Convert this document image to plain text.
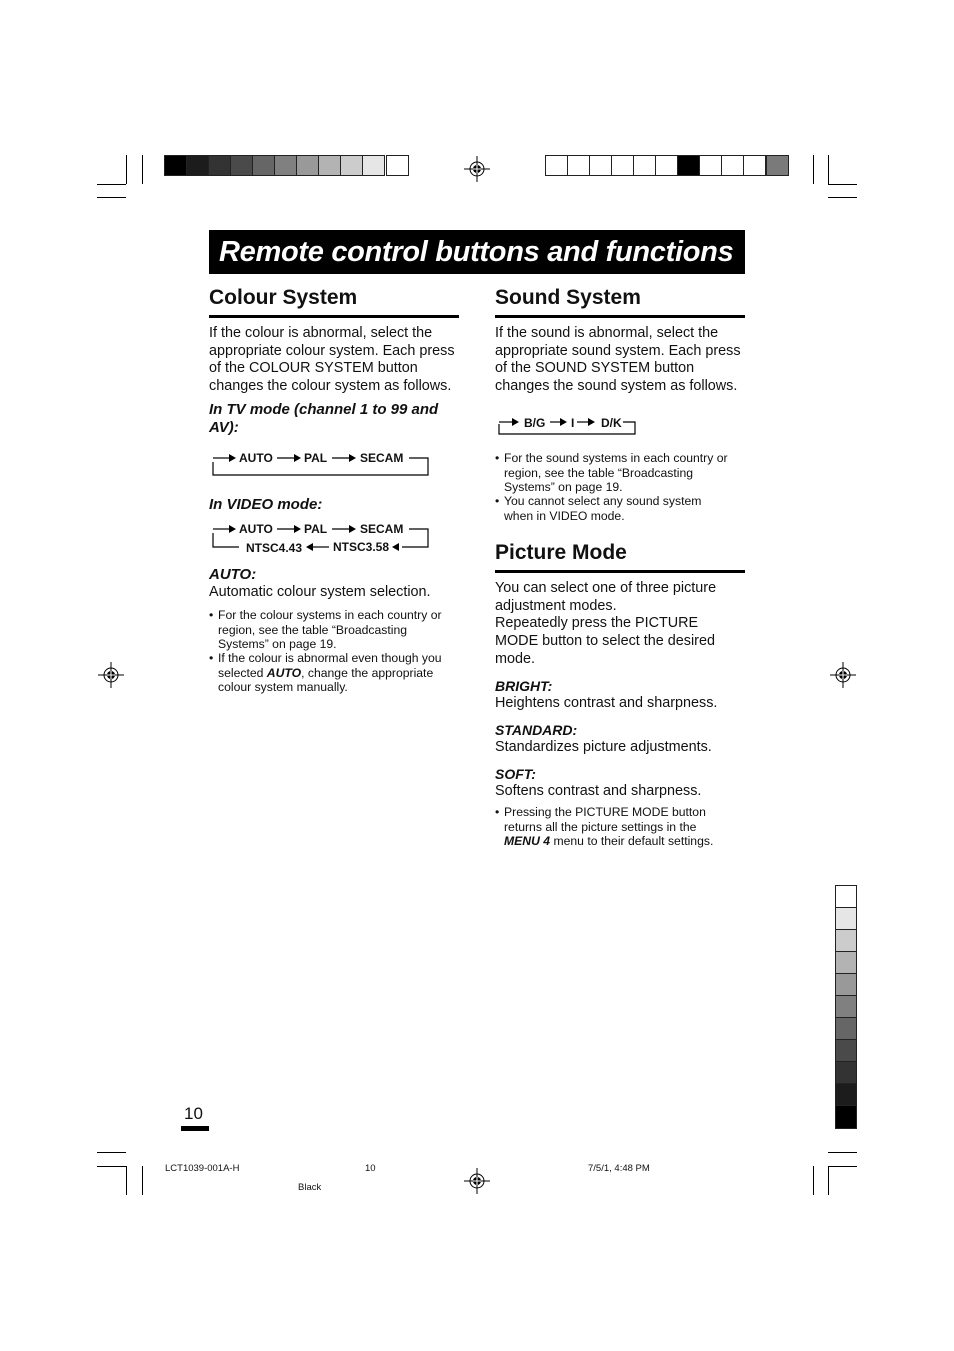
Remote control buttons and functions
Colour System
If the colour is abnormal, select the
appropriate colour system. Each press
of the COLOUR SYSTEM button
changes the colour system as follows.
In TV mode (channel 1 to 99 and
AV):
AUTO	PAL	SECAM
In VIDEO mode:
AUTO	PAL	SECAM
NTSC4.43	NTSC3.58
AUTO:
Automatic colour system selection.
• For the colour systems in each country or
region, see the table “Broadcasting
Systems” on page 19.
• If the colour is abnormal even though you
selected AUTO, change the appropriate
colour system manually.
Sound System
If the sound is abnormal, select the
appropriate sound system. Each press
of the SOUND SYSTEM button
changes the sound system as follows.
B/G I D/K
• For the sound systems in each country or
region, see the table “Broadcasting
Systems” on page 19.
• You cannot select any sound system
when in VIDEO mode.
Picture Mode
You can select one of three picture
adjustment modes.
Repeatedly press the PICTURE
MODE button to select the desired
mode.
BRIGHT:
Heightens contrast and sharpness.
STANDARD:
Standardizes picture adjustments.
SOFT:
Softens contrast and sharpness.
• Pressing the PICTURE MODE button
returns all the picture settings in the
MENU 4 menu to their default settings.
10
LCT1039-001A-H	10	7/5/1, 4:48 PM
Black
